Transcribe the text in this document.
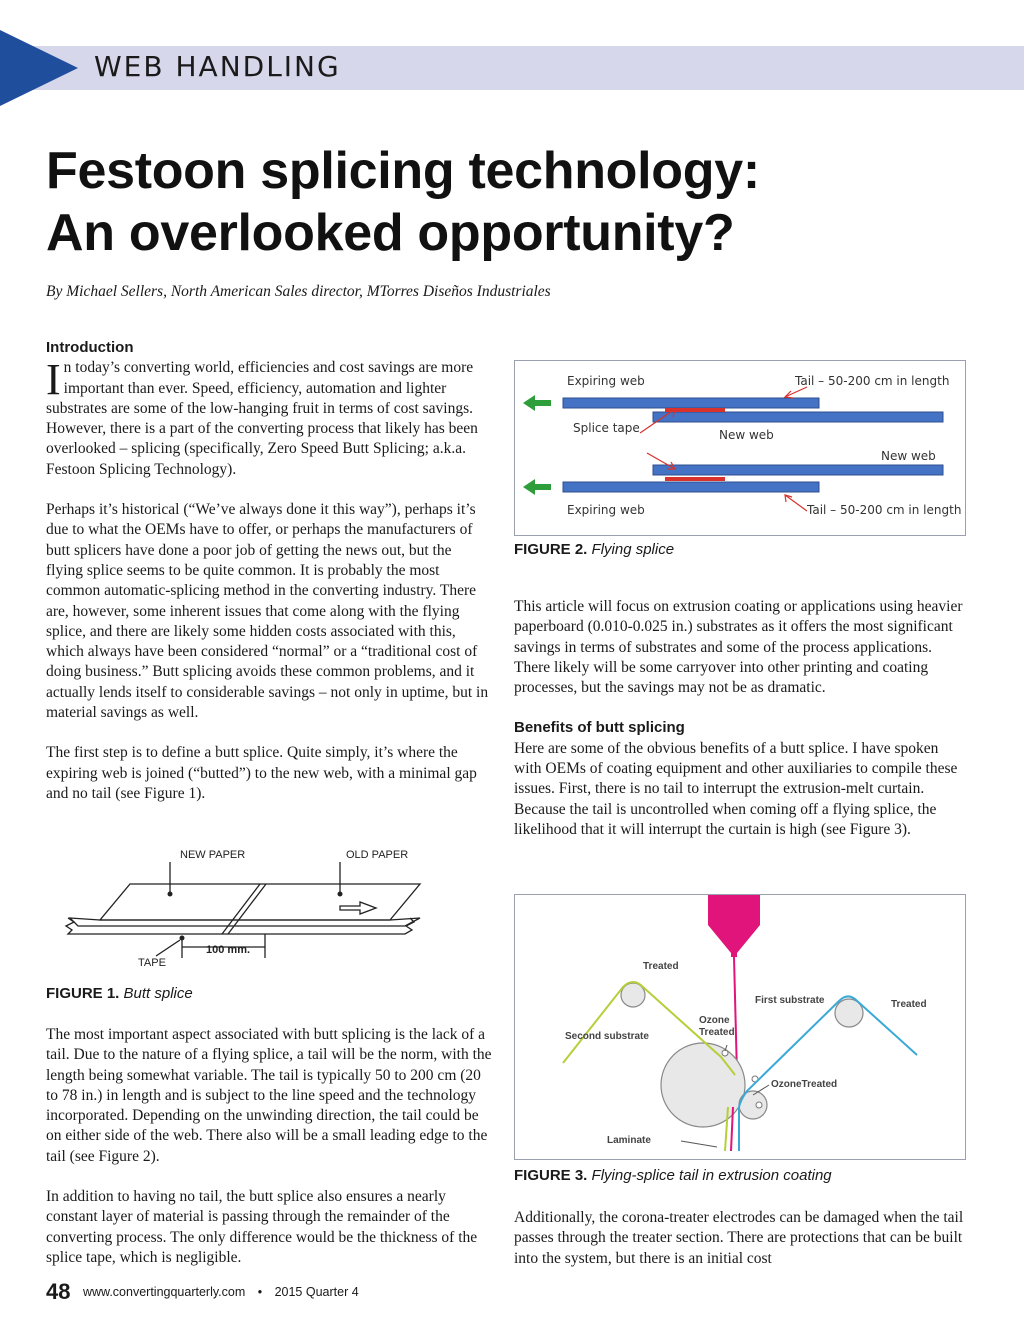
WEB HANDLING
Festoon splicing technology:
An overlooked opportunity?
By Michael Sellers, North American Sales director, MTorres Diseños Industriales
Introduction

In today’s converting world, efficiencies and cost savings are more important than ever. Speed, efficiency, automation and lighter substrates are some of the low-hanging fruit in terms of cost savings. However, there is a part of the converting process that likely has been overlooked – splicing (specifically, Zero Speed Butt Splicing; a.k.a. Festoon Splicing Technology).

Perhaps it’s historical (“We’ve always done it this way”), perhaps it’s due to what the OEMs have to offer, or perhaps the manufacturers of butt splicers have done a poor job of getting the news out, but the flying splice seems to be quite common. It is probably the most common automatic-splicing method in the converting industry. There are, however, some inherent issues that come along with the flying splice, and there are likely some hidden costs associated with this, which always have been considered “normal” or a “traditional cost of doing business.” Butt splicing avoids these common problems, and it actually lends itself to considerable savings – not only in uptime, but in material savings as well.

The first step is to define a butt splice. Quite simply, it’s where the expiring web is joined (“butted”) to the new web, with a minimal gap and no tail (see Figure 1).

NEW PAPER	OLD PAPER
TAPE
100 mm.
FIGURE 1. Butt splice

The most important aspect associated with butt splicing is the lack of a tail. Due to the nature of a flying splice, a tail will be the norm, with the length being somewhat variable. The tail is typically 50 to 200 cm (20 to 78 in.) in length and is subject to the line speed and the technology incorporated. Depending on the unwinding direction, the tail could be on either side of the web. There also will be a small leading edge to the tail (see Figure 2).

In addition to having no tail, the butt splice also ensures a nearly constant layer of material is passing through the remainder of the converting process. The only difference would be the thickness of the splice tape, which is negligible.

Expiring web	Tail – 50-200 cm in length
Splice tape	New web
New web
Expiring web	Tail – 50-200 cm in length
FIGURE 2. Flying splice

This article will focus on extrusion coating or applications using heavier paperboard (0.010-0.025 in.) substrates as it offers the most significant savings in terms of substrates and some of the process applications. There likely will be some carryover into other printing and coating processes, but the savings may not be as dramatic.

Benefits of butt splicing

Here are some of the obvious benefits of a butt splice. I have spoken with OEMs of coating equipment and other auxiliaries to compile these issues. First, there is no tail to interrupt the extrusion-melt curtain. Because the tail is uncontrolled when coming off a flying splice, the likelihood that it will interrupt the curtain is high (see Figure 3).

Treated
Second substrate
Ozone
Treated
First substrate	Treated
OzoneTreated
Laminate
FIGURE 3. Flying-splice tail in extrusion coating

Additionally, the corona-treater electrodes can be damaged when the tail passes through the treater section. There are protections that can be built into the system, but there is an initial cost

48 www.convertingquarterly.com • 2015 Quarter 4
